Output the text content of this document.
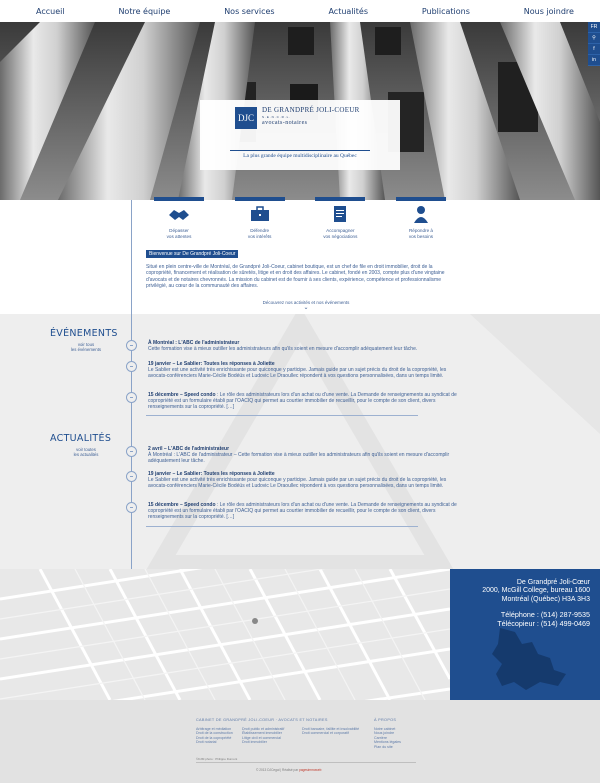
Accueil	Notre équipe	Nos services	Actualités	Publications	Nous joindre
FR
⚲
f
in
DJC
DE GRANDPRÉ JOLI-COEUR
S.E.N.C.R.L.
avocats-notaires
La plus grande équipe multidisciplinaire au Québec
Dépasser
vos attentes
Défendre
vos intérêts
Accompagner
vos négociations
Répondre à
vos besoins
Bienvenue sur De Grandpré Joli-Coeur
Situé en plein centre-ville de Montréal, de Grandpré Joli-Coeur, cabinet boutique, est un chef de file en droit immobilier, droit de la copropriété, financement et réalisation de sûretés, litige et en droit des affaires. Le cabinet, fondé en 2003, compte plus d'une vingtaine d'avocats et de notaires chevronnés. La mission du cabinet est de fournir à ses clients, expérience, compétence et professionnalisme privilégié, au cœur de la communauté des affaires.
Découvrez nos activités et nos événements
⌄
ÉVÉNEMENTS
voir tous
les événements
À Montréal : L'ABC de l'administrateur
Cette formation vise à mieux outiller les administrateurs afin qu'ils soient en mesure d'accomplir adéquatement leur tâche.
19 janvier – Le Sablier: Toutes les réponses à Joliette
Le Sablier est une activité très enrichissante pour quiconque y participe. Jamais guide par un sujet précis du droit de la copropriété, les avocats-conférenciers Marie-Cécile Bodéüs et Ludovic Le Draoullec répondent à vos questions personnalisées, dans un temps limité.
15 décembre – Speed condo : Le rôle des administrateurs lors d'un achat ou d'une vente. La Demande de renseignements au syndicat de copropriété est un formulaire établi par l'OACIQ qui permet au courtier immobilier de recueillir, pour le compte de son client, divers renseignements sur la copropriété. […]
ACTUALITÉS
voir toutes
les actualités
2 avril – L'ABC de l'administrateur
À Montréal : L'ABC de l'administrateur – Cette formation vise à mieux outiller les administrateurs afin qu'ils soient en mesure d'accomplir adéquatement leur tâche.
19 janvier – Le Sablier: Toutes les réponses à Joliette
Le Sablier est une activité très enrichissante pour quiconque y participe. Jamais guide par un sujet précis du droit de la copropriété, les avocats-conférenciers Marie-Cécile Bodéüs et Ludovic Le Draoullec répondent à vos questions personnalisées, dans un temps limité.
15 décembre – Speed condo : Le rôle des administrateurs lors d'un achat ou d'une vente. La Demande de renseignements au syndicat de copropriété est un formulaire établi par l'OACIQ qui permet au courtier immobilier de recueillir, pour le compte de son client, divers renseignements sur la copropriété. […]
De Grandpré Joli-Cœur
2000, McGill College, bureau 1600
Montréal (Québec) H3A 3H3
Téléphone : (514) 287-9535
Télécopieur : (514) 499-0469
CABINET DE GRANDPRÉ JOLI-COEUR · AVOCATS ET NOTAIRES	À PROPOS
Arbitrage et médiation
Droit de la construction
Droit de la copropriété
Droit notarial
Droit public et administratif
Établissement immobilier
Litige civil et commercial
Droit immobilier
Droit bancaire, faillite et insolvabilité
Droit commercial et corporatif
Notre cabinet
Nous joindre
Carrière
Mentions légales
Plan du site
©DJM photo : Philippe Dumont
© 2013 DJCegal | Réalisé par pagesimmoweb
